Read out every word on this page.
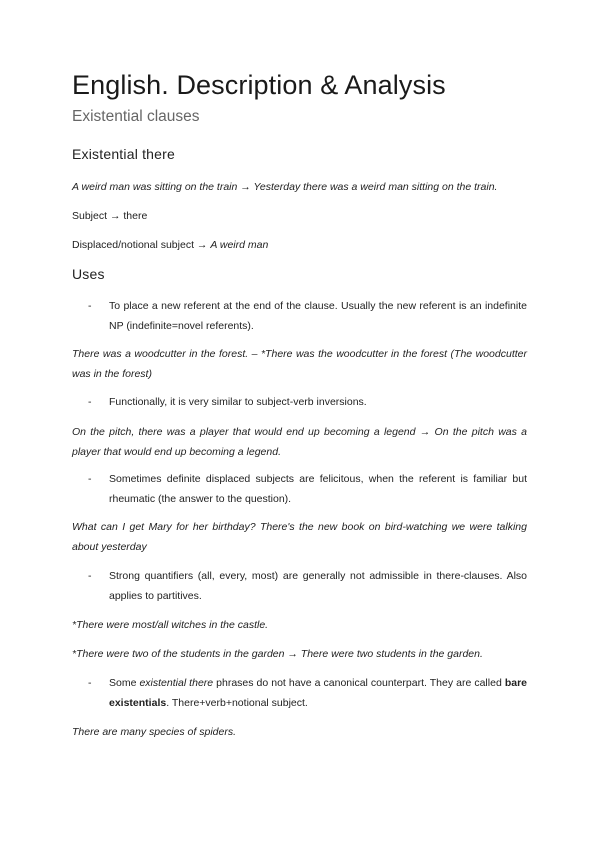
English. Description & Analysis
Existential clauses
Existential there
A weird man was sitting on the train → Yesterday there was a weird man sitting on the train.
Subject → there
Displaced/notional subject → A weird man
Uses
- To place a new referent at the end of the clause. Usually the new referent is an indefinite NP (indefinite=novel referents).
There was a woodcutter in the forest. – *There was the woodcutter in the forest (The woodcutter was in the forest)
- Functionally, it is very similar to subject-verb inversions.
On the pitch, there was a player that would end up becoming a legend → On the pitch was a player that would end up becoming a legend.
- Sometimes definite displaced subjects are felicitous, when the referent is familiar but rheumatic (the answer to the question).
What can I get Mary for her birthday? There's the new book on bird-watching we were talking about yesterday
- Strong quantifiers (all, every, most) are generally not admissible in there-clauses. Also applies to partitives.
*There were most/all witches in the castle.
*There were two of the students in the garden → There were two students in the garden.
- Some existential there phrases do not have a canonical counterpart. They are called bare existentials. There+verb+notional subject.
There are many species of spiders.
